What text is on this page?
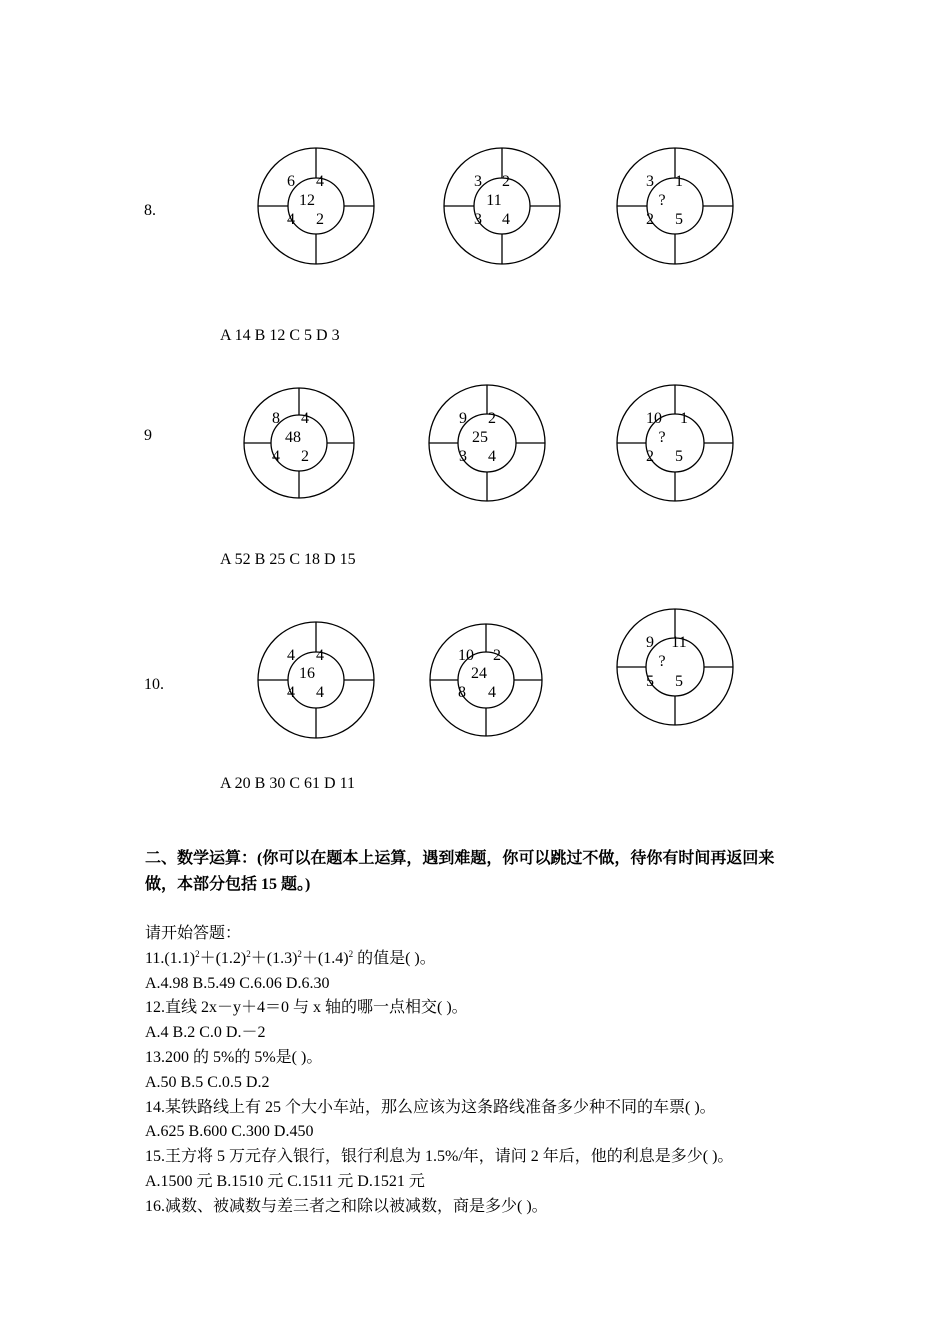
8.
9
10.
6 4
12
4 2
3 2
11
3 4
3 1
?
2 5
8 4
48
4 2
9 2
25
3 4
10 1
?
2 5
4 4
16
4 4
10 2
24
8 4
9 11
?
5 5
A 14 B 12 C 5 D 3
A 52 B 25 C 18 D 15
A 20 B 30 C 61 D 11
二、数学运算：(你可以在题本上运算，遇到难题，你可以跳过不做，待你有时间再返回来做，本部分包括 15 题。)
请开始答题：
$11.(1.1)^2+(1.2)^2+(1.3)^2+(1.4)^2$ 的值是( )。
A.4.98 B.5.49 C.6.06 D.6.30
12.直线 2x－y＋4＝0 与 x 轴的哪一点相交( )。
A.4 B.2 C.0 D.－2
13.200 的 5%的 5%是( )。
A.50 B.5 C.0.5 D.2
14.某铁路线上有 25 个大小车站，那么应该为这条路线准备多少种不同的车票( )。
A.625 B.600 C.300 D.450
15.王方将 5 万元存入银行，银行利息为 1.5%/年，请问 2 年后，他的利息是多少( )。
A.1500 元 B.1510 元 C.1511 元 D.1521 元
16.减数、被减数与差三者之和除以被减数，商是多少( )。
